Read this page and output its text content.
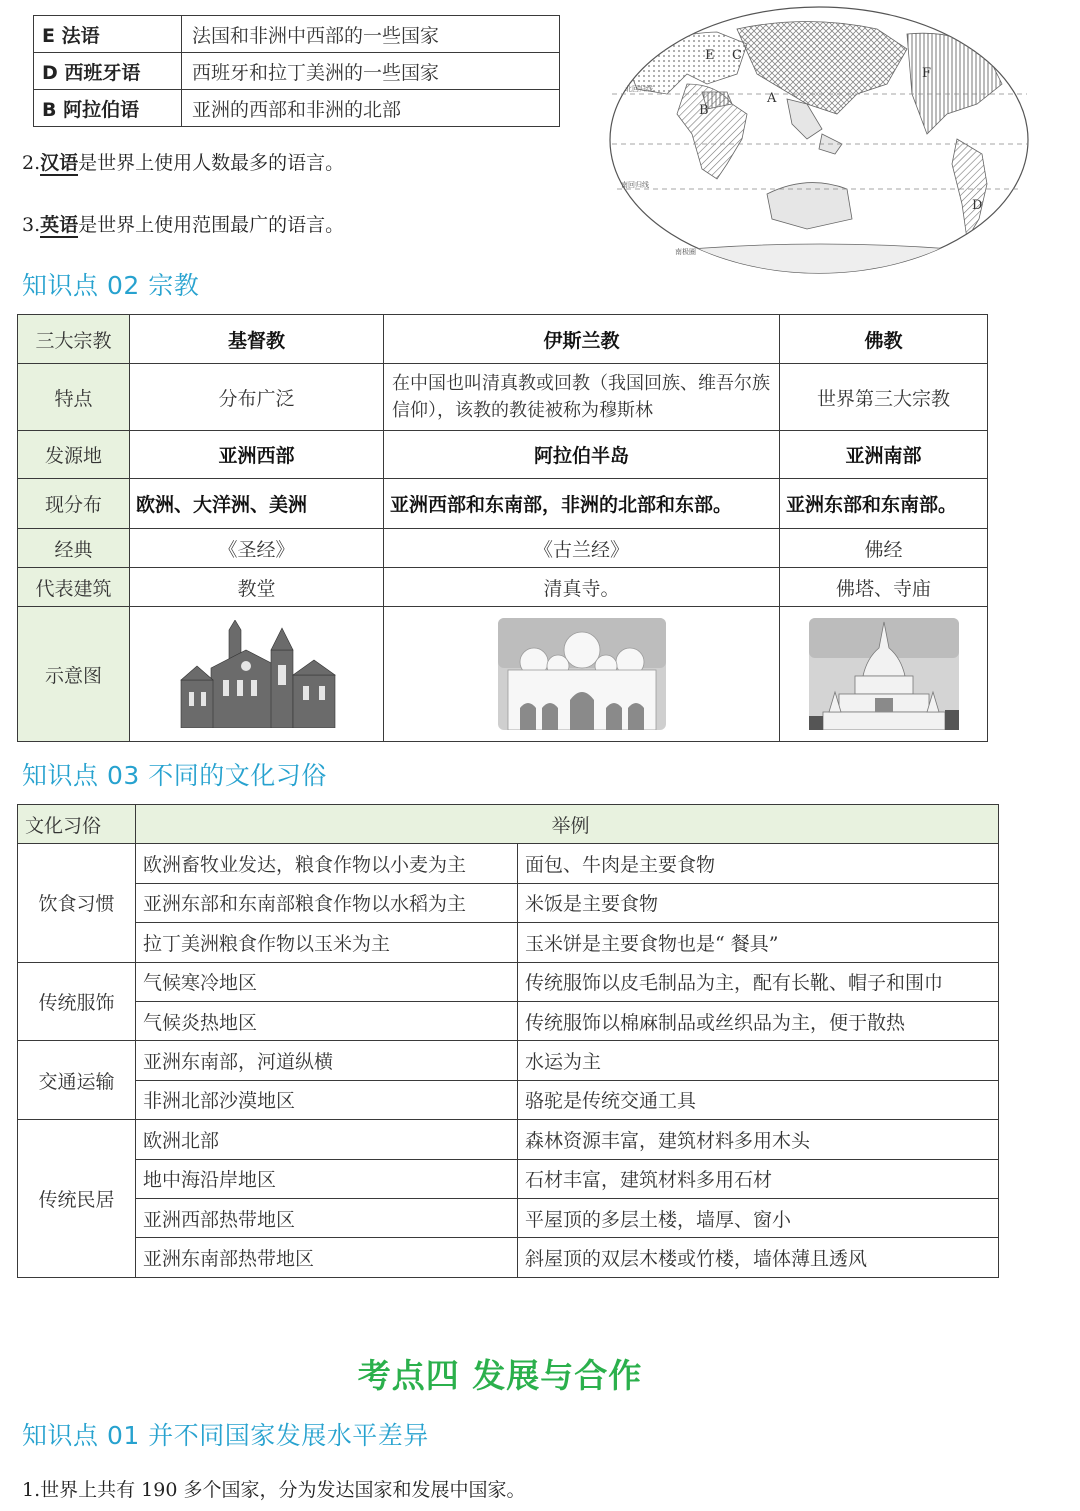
E 法语	法国和非洲中西部的一些国家
D 西班牙语	西班牙和拉丁美洲的一些国家
B 阿拉伯语	亚洲的西部和非洲的北部
2.汉语是世界上使用人数最多的语言。
3.英语是世界上使用范围最广的语言。
A
B
C
D
E
F
北回归线
南回归线
南极圈
知识点 02 宗教
三大宗教	基督教	伊斯兰教	佛教
特点	分布广泛	在中国也叫清真教或回教（我国回族、维吾尔族信仰），该教的教徒被称为穆斯林	世界第三大宗教
发源地	亚洲西部	阿拉伯半岛	亚洲南部
现分布	欧洲、大洋洲、美洲	亚洲西部和东南部，非洲的北部和东部。	亚洲东部和东南部。
经典	《圣经》	《古兰经》	佛经
代表建筑	教堂	清真寺。	佛塔、寺庙
示意图			
知识点 03 不同的文化习俗
文化习俗	举例	
饮食习惯	欧洲畜牧业发达，粮食作物以小麦为主	面包、牛肉是主要食物
	亚洲东部和东南部粮食作物以水稻为主	米饭是主要食物
	拉丁美洲粮食作物以玉米为主	玉米饼是主要食物也是“ 餐具”
传统服饰	气候寒冷地区	传统服饰以皮毛制品为主，配有长靴、帽子和围巾
	气候炎热地区	传统服饰以棉麻制品或丝织品为主，便于散热
交通运输	亚洲东南部，河道纵横	水运为主
	非洲北部沙漠地区	骆驼是传统交通工具
传统民居	欧洲北部	森林资源丰富，建筑材料多用木头
	地中海沿岸地区	石材丰富，建筑材料多用石材
	亚洲西部热带地区	平屋顶的多层土楼，墙厚、窗小
	亚洲东南部热带地区	斜屋顶的双层木楼或竹楼，墙体薄且透风
考点四 发展与合作
知识点 01 并不同国家发展水平差异
1.世界上共有 190 多个国家，分为发达国家和发展中国家。
